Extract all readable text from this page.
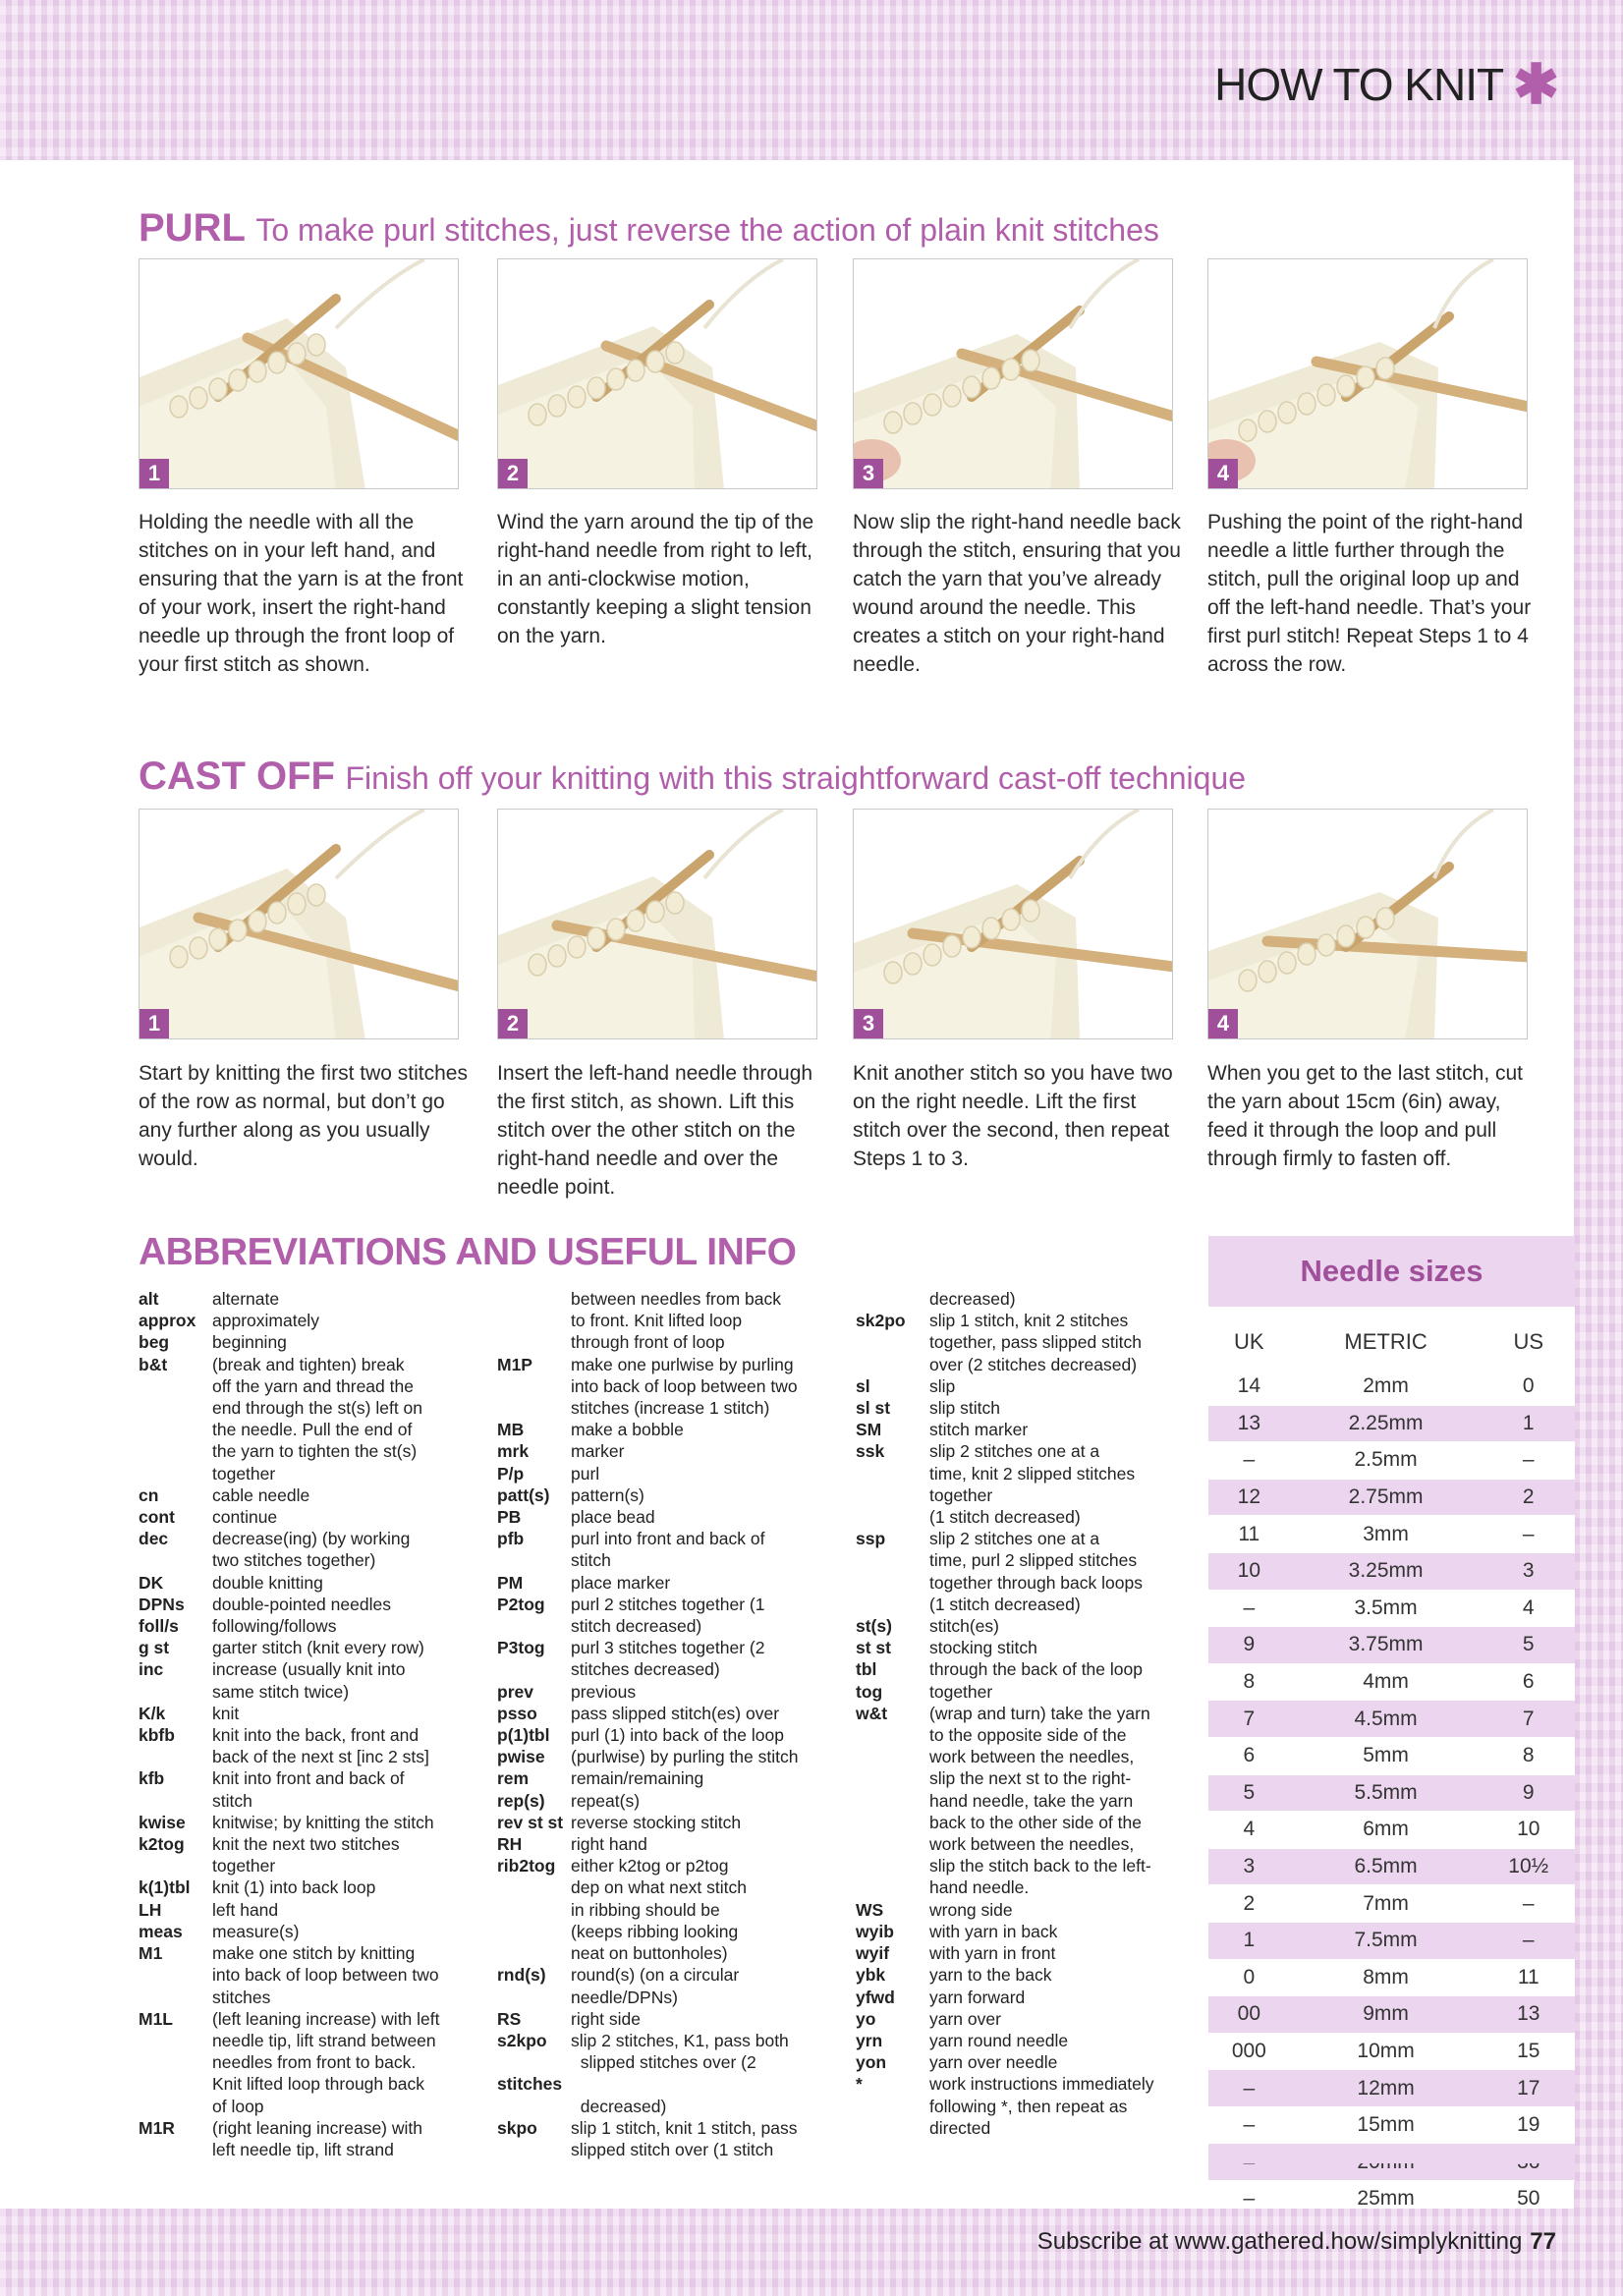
HOW TO KNIT ✱
PURL To make purl stitches, just reverse the action of plain knit stitches
1
Holding the needle with all the stitches on in your left hand, and ensuring that the yarn is at the front of your work, insert the right-hand needle up through the front loop of your first stitch as shown.
2
Wind the yarn around the tip of the right-hand needle from right to left, in an anti-clockwise motion, constantly keeping a slight tension on the yarn.
3
Now slip the right-hand needle back through the stitch, ensuring that you catch the yarn that you’ve already wound around the needle. This creates a stitch on your right-hand needle.
4
Pushing the point of the right-hand needle a little further through the stitch, pull the original loop up and off the left-hand needle. That’s your first purl stitch! Repeat Steps 1 to 4 across the row.
CAST OFF Finish off your knitting with this straightforward cast-off technique
1
Start by knitting the first two stitches of the row as normal, but don’t go any further along as you usually would.
2
Insert the left-hand needle through the first stitch, as shown. Lift this stitch over the other stitch on the right-hand needle and over the needle point.
3
Knit another stitch so you have two on the right needle. Lift the first stitch over the second, then repeat Steps 1 to 3.
4
When you get to the last stitch, cut the yarn about 15cm (6in) away, feed it through the loop and pull through firmly to fasten off.
ABBREVIATIONS AND USEFUL INFO
alt	alternate
approx approximately
beg	beginning
b&t	(break and tighten) break
off the yarn and thread the
end through the st(s) left on
the needle. Pull the end of
the yarn to tighten the st(s)
together
cn	cable needle
cont	continue
dec	decrease(ing) (by working
two stitches together)
DK	double knitting
DPNs	double-pointed needles
foll/s	following/follows
g st	garter stitch (knit every row)
inc	increase (usually knit into
same stitch twice)
K/k	knit
kbfb	knit into the back, front and
back of the next st [inc 2 sts]
kfb	knit into front and back of
stitch
kwise	knitwise; by knitting the stitch
k2tog	knit the next two stitches
together
k(1)tbl	knit (1) into back loop
LH	left hand
meas	measure(s)
M1	make one stitch by knitting
into back of loop between two
stitches
M1L	(left leaning increase) with left
needle tip, lift strand between
needles from front to back.
Knit lifted loop through back
of loop
M1R	(right leaning increase) with
left needle tip, lift strand
between needles from back
to front. Knit lifted loop
through front of loop
M1P	make one purlwise by purling
into back of loop between two
stitches (increase 1 stitch)
MB	make a bobble
mrk	marker
P/p	purl
patt(s)	pattern(s)
PB	place bead
pfb	purl into front and back of
stitch
PM	place marker
P2tog	purl 2 stitches together (1
stitch decreased)
P3tog	purl 3 stitches together (2
stitches decreased)
prev	previous
psso	pass slipped stitch(es) over
p(1)tbl	purl (1) into back of the loop
pwise	(purlwise) by purling the stitch
rem	remain/remaining
rep(s)	repeat(s)
rev st st reverse stocking stitch
RH	right hand
rib2tog either k2tog or p2tog
dep on what next stitch
in ribbing should be
(keeps ribbing looking
neat on buttonholes)
rnd(s)	round(s) (on a circular
needle/DPNs)
RS	right side
s2kpo	slip 2 stitches, K1, pass both
slipped stitches over (2
stitches
decreased)
skpo	slip 1 stitch, knit 1 stitch, pass
slipped stitch over (1 stitch
decreased)
sk2po	slip 1 stitch, knit 2 stitches
together, pass slipped stitch
over (2 stitches decreased)
sl	slip
sl st	slip stitch
SM	stitch marker
ssk	slip 2 stitches one at a
time, knit 2 slipped stitches
together
(1 stitch decreased)
ssp	slip 2 stitches one at a
time, purl 2 slipped stitches
together through back loops
(1 stitch decreased)
st(s)	stitch(es)
st st	stocking stitch
tbl	through the back of the loop
tog	together
w&t	(wrap and turn) take the yarn
to the opposite side of the
work between the needles,
slip the next st to the right-
hand needle, take the yarn
back to the other side of the
work between the needles,
slip the stitch back to the left-
hand needle.
WS	wrong side
wyib	with yarn in back
wyif	with yarn in front
ybk	yarn to the back
yfwd	yarn forward
yo	yarn over
yrn	yarn round needle
yon	yarn over needle
*	work instructions immediately
following *, then repeat as
directed
Needle sizes
UK	METRIC	US
14	2mm	0
13	2.25mm	1
–	2.5mm	–
12	2.75mm	2
11	3mm	–
10	3.25mm	3
–	3.5mm	4
9	3.75mm	5
8	4mm	6
7	4.5mm	7
6	5mm	8
5	5.5mm	9
4	6mm	10
3	6.5mm	10½
2	7mm	–
1	7.5mm	–
0	8mm	11
00	9mm	13
000	10mm	15
–	12mm	17
–	15mm	19

–	25mm	50
Subscribe at www.gathered.how/simplyknitting 77
